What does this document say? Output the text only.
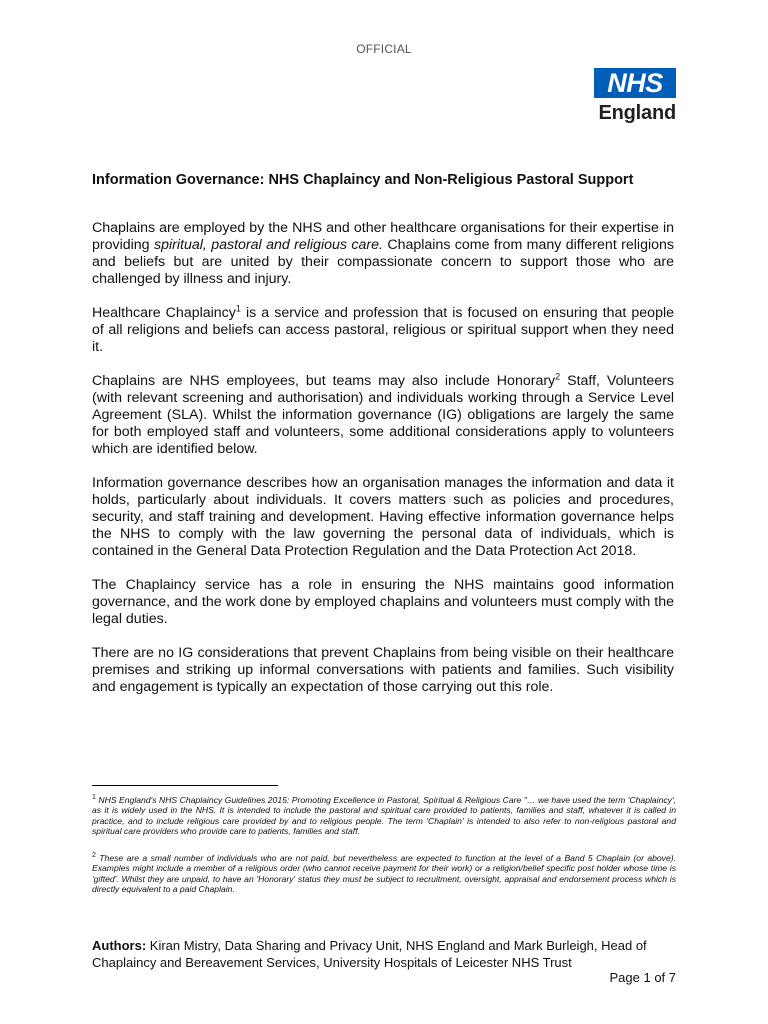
OFFICIAL
NHS
England
Information Governance: NHS Chaplaincy and Non-Religious Pastoral Support

Chaplains are employed by the NHS and other healthcare organisations for their expertise in providing spiritual, pastoral and religious care. Chaplains come from many different religions and beliefs but are united by their compassionate concern to support those who are challenged by illness and injury.

Healthcare Chaplaincy$^1$ is a service and profession that is focused on ensuring that people of all religions and beliefs can access pastoral, religious or spiritual support when they need it.

Chaplains are NHS employees, but teams may also include Honorary$^2$ Staff, Volunteers (with relevant screening and authorisation) and individuals working through a Service Level Agreement (SLA). Whilst the information governance (IG) obligations are largely the same for both employed staff and volunteers, some additional considerations apply to volunteers which are identified below.

Information governance describes how an organisation manages the information and data it holds, particularly about individuals. It covers matters such as policies and procedures, security, and staff training and development. Having effective information governance helps the NHS to comply with the law governing the personal data of individuals, which is contained in the General Data Protection Regulation and the Data Protection Act 2018.

The Chaplaincy service has a role in ensuring the NHS maintains good information governance, and the work done by employed chaplains and volunteers must comply with the legal duties.

There are no IG considerations that prevent Chaplains from being visible on their healthcare premises and striking up informal conversations with patients and families. Such visibility and engagement is typically an expectation of those carrying out this role.

$^1$ NHS England's NHS Chaplaincy Guidelines 2015: Promoting Excellence in Pastoral, Spiritual & Religious Care "… we have used the term 'Chaplaincy', as it is widely used in the NHS. It is intended to include the pastoral and spiritual care provided to patients, families and staff, whatever it is called in practice, and to include religious care provided by and to religious people. The term 'Chaplain' is intended to also refer to non-religious pastoral and spiritual care providers who provide care to patients, families and staff.

$^2$ These are a small number of individuals who are not paid, but nevertheless are expected to function at the level of a Band 5 Chaplain (or above). Examples might include a member of a religious order (who cannot receive payment for their work) or a religion/belief specific post holder whose time is 'gifted'. Whilst they are unpaid, to have an 'Honorary' status they must be subject to recruitment, oversight, appraisal and endorsement process which is directly equivalent to a paid Chaplain.

Authors: Kiran Mistry, Data Sharing and Privacy Unit, NHS England and Mark Burleigh, Head of Chaplaincy and Bereavement Services, University Hospitals of Leicester NHS Trust

Page 1 of 7
